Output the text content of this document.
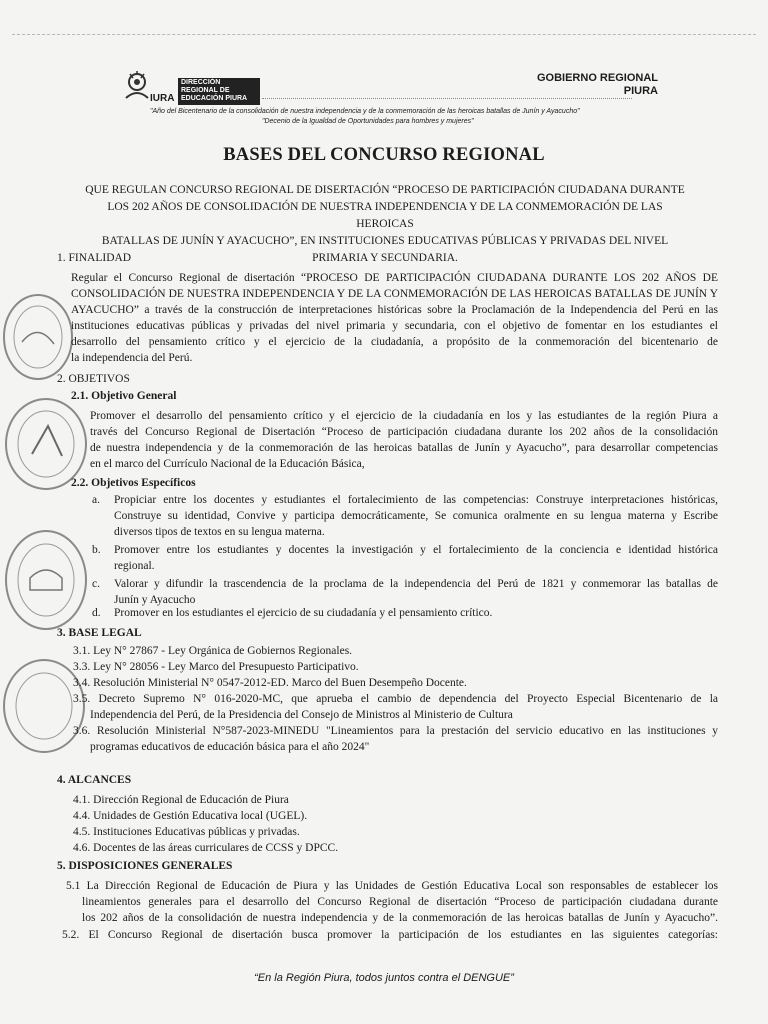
IURA
DIRECCIÓN REGIONAL DE EDUCACIÓN PIURA
GOBIERNO REGIONAL
PIURA
"Año del Bicentenario de la consolidación de nuestra independencia y de la conmemoración de las heroicas batallas de Junín y Ayacucho"
"Decenio de la Igualdad de Oportunidades para hombres y mujeres"
BASES DEL CONCURSO REGIONAL
QUE REGULAN CONCURSO REGIONAL DE DISERTACIÓN “PROCESO DE PARTICIPACIÓN CIUDADANA DURANTE
LOS 202 AÑOS DE CONSOLIDACIÓN DE NUESTRA INDEPENDENCIA Y DE LA CONMEMORACIÓN DE LAS HEROICAS
BATALLAS DE JUNÍN Y AYACUCHO”, EN INSTITUCIONES EDUCATIVAS PÚBLICAS Y PRIVADAS DEL NIVEL
PRIMARIA Y SECUNDARIA.
1. FINALIDAD
Regular el Concurso Regional de disertación “PROCESO DE PARTICIPACIÓN CIUDADANA DURANTE LOS 202 AÑOS DE
CONSOLIDACIÓN DE NUESTRA INDEPENDENCIA Y DE LA CONMEMORACIÓN DE LAS HEROICAS BATALLAS DE JUNÍN Y
AYACUCHO” a través de la construcción de interpretaciones históricas sobre la Proclamación de la Independencia del Perú en las
instituciones educativas públicas y privadas del nivel primaria y secundaria, con el objetivo de fomentar en los estudiantes el
desarrollo del pensamiento crítico y el ejercicio de la ciudadanía, a propósito de la conmemoración del bicentenario de
la independencia del Perú.
2. OBJETIVOS
2.1. Objetivo General
Promover el desarrollo del pensamiento crítico y el ejercicio de la ciudadanía en los y las estudiantes de la región Piura a
través del Concurso Regional de Disertación “Proceso de participación ciudadana durante los 202 años de la consolidación
de nuestra independencia y de la conmemoración de las heroicas batallas de Junín y Ayacucho”, para desarrollar competencias
en el marco del Currículo Nacional de la Educación Básica,
2.2. Objetivos Específicos
a. Propiciar entre los docentes y estudiantes el fortalecimiento de las competencias: Construye interpretaciones históricas,
Construye su identidad, Convive y participa democráticamente, Se comunica oralmente en su lengua materna y Escribe
diversos tipos de textos en su lengua materna.
b. Promover entre los estudiantes y docentes la investigación y el fortalecimiento de la conciencia e identidad histórica
regional.
c. Valorar y difundir la trascendencia de la proclama de la independencia del Perú de 1821 y conmemorar las batallas de
Junín y Ayacucho
d. Promover en los estudiantes el ejercicio de su ciudadanía y el pensamiento crítico.
3. BASE LEGAL
3.1. Ley N° 27867 - Ley Orgánica de Gobiernos Regionales.
3.3. Ley N° 28056 - Ley Marco del Presupuesto Participativo.
3.4. Resolución Ministerial N° 0547-2012-ED. Marco del Buen Desempeño Docente.
3.5. Decreto Supremo N° 016-2020-MC, que aprueba el cambio de dependencia del Proyecto Especial Bicentenario de la
Independencia del Perú, de la Presidencia del Consejo de Ministros al Ministerio de Cultura
3.6. Resolución Ministerial N°587-2023-MINEDU "Lineamientos para la prestación del servicio educativo en las instituciones y
programas educativos de educación básica para el año 2024"
4. ALCANCES
4.1. Dirección Regional de Educación de Piura
4.4. Unidades de Gestión Educativa local (UGEL).
4.5. Instituciones Educativas públicas y privadas.
4.6. Docentes de las áreas curriculares de CCSS y DPCC.
5. DISPOSICIONES GENERALES
5.1 La Dirección Regional de Educación de Piura y las Unidades de Gestión Educativa Local son responsables de establecer los
lineamientos generales para el desarrollo del Concurso Regional de disertación “Proceso de participación ciudadana durante
los 202 años de la consolidación de nuestra independencia y de la conmemoración de las heroicas batallas de Junín y Ayacucho”.
5.2. El Concurso Regional de disertación busca promover la participación de los estudiantes en las siguientes categorías:
“En la Región Piura, todos juntos contra el DENGUE”
